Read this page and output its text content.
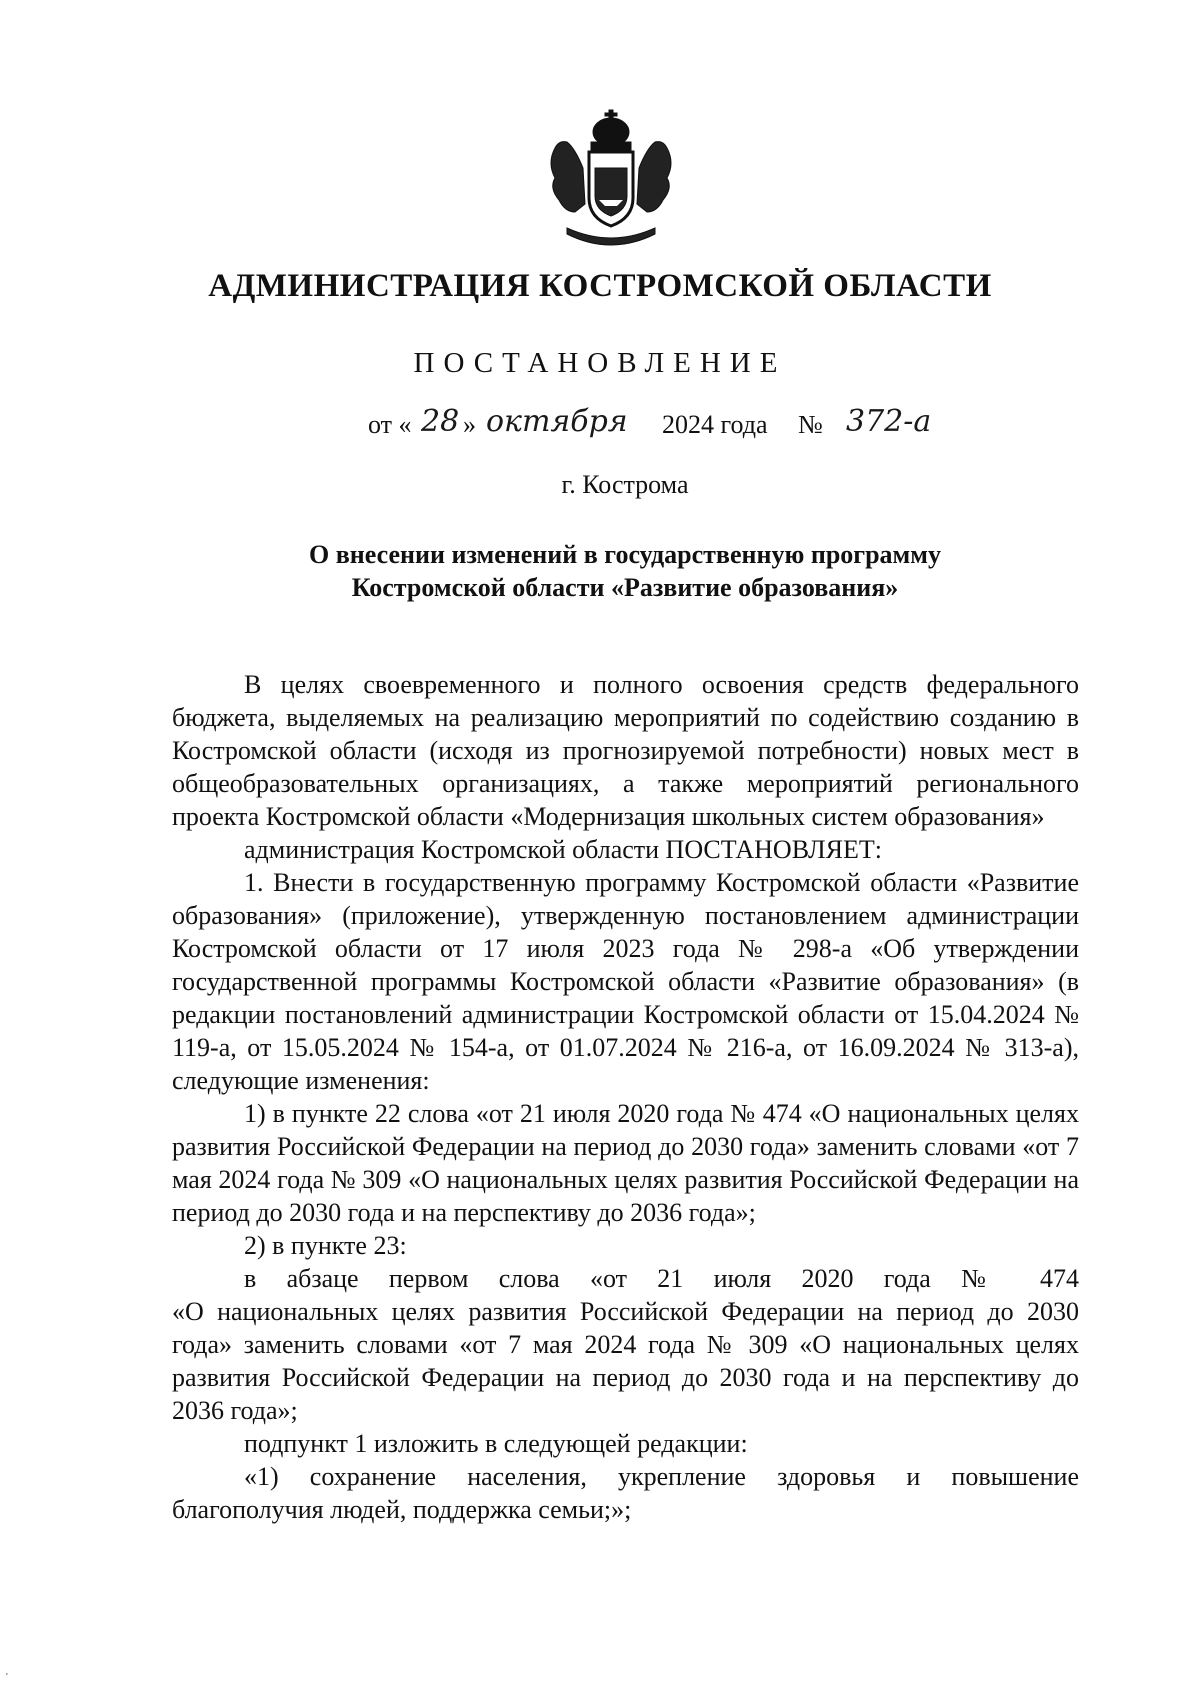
АДМИНИСТРАЦИЯ КОСТРОМСКОЙ ОБЛАСТИ
ПОСТАНОВЛЕНИЕ
от « 28 » октября 2024 года № 372-а
г. Кострома
О внесении изменений в государственную программу
Костромской области «Развитие образования»

В целях своевременного и полного освоения средств федерального бюджета, выделяемых на реализацию мероприятий по содействию созданию в Костромской области (исходя из прогнозируемой потребности) новых мест в общеобразовательных организациях, а также мероприятий регионального проекта Костромской области «Модернизация школьных систем образования»

администрация Костромской области ПОСТАНОВЛЯЕТ:

1. Внести в государственную программу Костромской области «Развитие образования» (приложение), утвержденную постановлением администрации Костромской области от 17 июля 2023 года № 298-а «Об утверждении государственной программы Костромской области «Развитие образования» (в редакции постановлений администрации Костромской области от 15.04.2024 № 119-а, от 15.05.2024 № 154-а, от 01.07.2024 № 216-а, от 16.09.2024 № 313-а), следующие изменения:

1) в пункте 22 слова «от 21 июля 2020 года № 474 «О национальных целях развития Российской Федерации на период до 2030 года» заменить словами «от 7 мая 2024 года № 309 «О национальных целях развития Российской Федерации на период до 2030 года и на перспективу до 2036 года»;

2) в пункте 23:

в абзаце первом слова «от 21 июля 2020 года № 474

«О национальных целях развития Российской Федерации на период до 2030 года» заменить словами «от 7 мая 2024 года № 309 «О национальных целях развития Российской Федерации на период до 2030 года и на перспективу до 2036 года»;

подпункт 1 изложить в следующей редакции:

«1) сохранение населения, укрепление здоровья и повышение благополучия людей, поддержка семьи;»;

'
